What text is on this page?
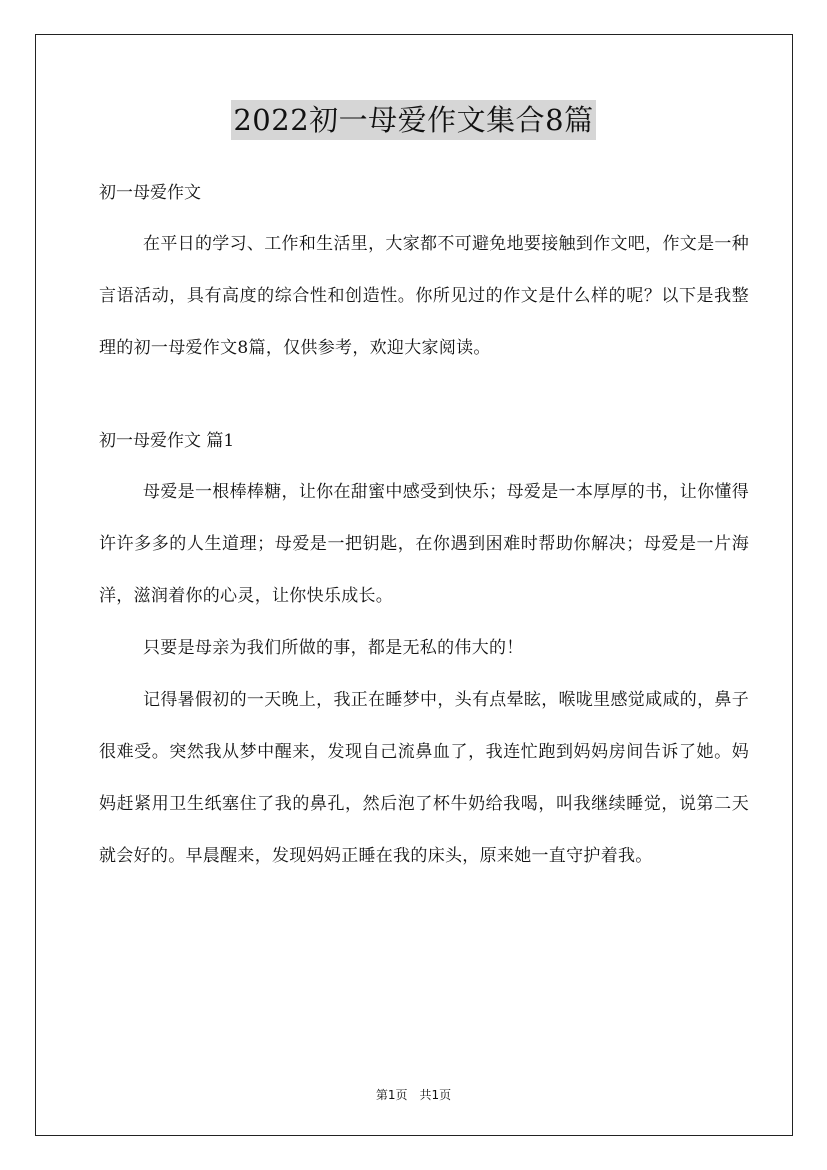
2022初一母爱作文集合8篇

初一母爱作文

在平日的学习、工作和生活里，大家都不可避免地要接触到作文吧，作文是一种言语活动，具有高度的综合性和创造性。你所见过的作文是什么样的呢？以下是我整理的初一母爱作文8篇，仅供参考，欢迎大家阅读。

初一母爱作文 篇1

母爱是一根棒棒糖，让你在甜蜜中感受到快乐；母爱是一本厚厚的书，让你懂得许许多多的人生道理；母爱是一把钥匙，在你遇到困难时帮助你解决；母爱是一片海洋，滋润着你的心灵，让你快乐成长。

只要是母亲为我们所做的事，都是无私的伟大的！

记得暑假初的一天晚上，我正在睡梦中，头有点晕眩，喉咙里感觉咸咸的，鼻子很难受。突然我从梦中醒来，发现自己流鼻血了，我连忙跑到妈妈房间告诉了她。妈妈赶紧用卫生纸塞住了我的鼻孔，然后泡了杯牛奶给我喝，叫我继续睡觉，说第二天就会好的。早晨醒来，发现妈妈正睡在我的床头，原来她一直守护着我。

第1页 共1页
